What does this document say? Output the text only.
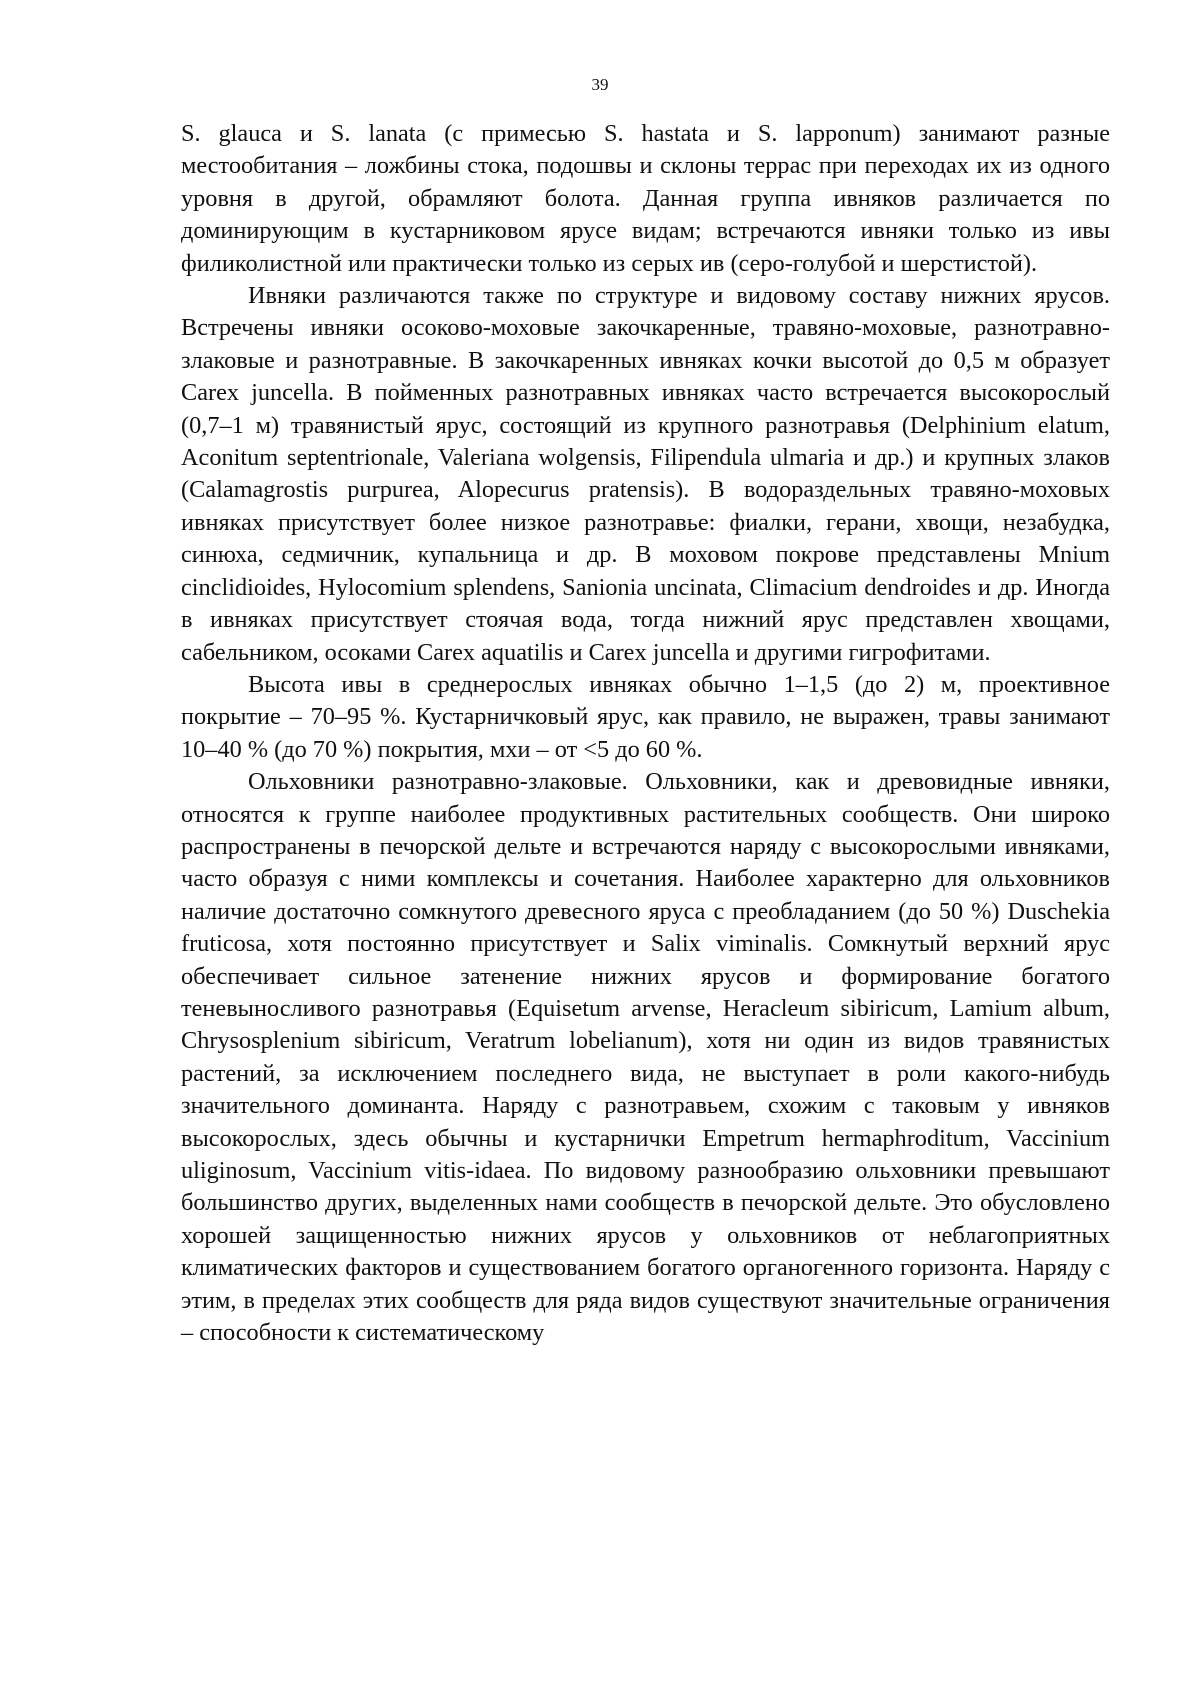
39

S. glauca и S. lanata (с примесью S. hastata и S. lapponum) занимают разные местообитания – ложбины стока, подошвы и склоны террас при переходах их из одного уровня в другой, обрамляют болота. Данная группа ивняков различается по доминирующим в кустарниковом ярусе видам; встречаются ивняки только из ивы филиколистной или практически только из серых ив (серо-голубой и шерстистой).

Ивняки различаются также по структуре и видовому составу нижних ярусов. Встречены ивняки осоково-моховые закочкаренные, травяно-моховые, разнотравно-злаковые и разнотравные. В закочкаренных ивняках кочки высотой до 0,5 м образует Carex juncella. В пойменных разнотравных ивняках часто встречается высокорослый (0,7–1 м) травянистый ярус, состоящий из крупного разнотравья (Delphinium elatum, Aconitum septentrionale, Valeriana wolgensis, Filipendula ulmaria и др.) и крупных злаков (Calamagrostis purpurea, Alopecurus pratensis). В водораздельных травяно-моховых ивняках присутствует более низкое разнотравье: фиалки, герани, хвощи, незабудка, синюха, седмичник, купальница и др. В моховом покрове представлены Mnium cinclidioides, Hylocomium splendens, Sanionia uncinata, Climacium dendroides и др. Иногда в ивняках присутствует стоячая вода, тогда нижний ярус представлен хвощами, сабельником, осоками Carex aquatilis и Carex juncella и другими гигрофитами.

Высота ивы в среднерослых ивняках обычно 1–1,5 (до 2) м, проективное покрытие – 70–95 %. Кустарничковый ярус, как правило, не выражен, травы занимают 10–40 % (до 70 %) покрытия, мхи – от <5 до 60 %.

Ольховники разнотравно-злаковые. Ольховники, как и древовидные ивняки, относятся к группе наиболее продуктивных растительных сообществ. Они широко распространены в печорской дельте и встречаются наряду с высокорослыми ивняками, часто образуя с ними комплексы и сочетания. Наиболее характерно для ольховников наличие достаточно сомкнутого древесного яруса с преобладанием (до 50 %) Duschekia fruticosa, хотя постоянно присутствует и Salix viminalis. Сомкнутый верхний ярус обеспечивает сильное затенение нижних ярусов и формирование богатого теневыносливого разнотравья (Equisetum arvense, Heracleum sibiricum, Lamium album, Chrysosplenium sibiricum, Veratrum lobelianum), хотя ни один из видов травянистых растений, за исключением последнего вида, не выступает в роли какого-нибудь значительного доминанта. Наряду с разнотравьем, схожим с таковым у ивняков высокорослых, здесь обычны и кустарнички Empetrum hermaphroditum, Vaccinium uliginosum, Vaccinium vitis-idaea. По видовому разнообразию ольховники превышают большинство других, выделенных нами сообществ в печорской дельте. Это обусловлено хорошей защищенностью нижних ярусов у ольховников от неблагоприятных климатических факторов и существованием богатого органогенного горизонта. Наряду с этим, в пределах этих сообществ для ряда видов существуют значительные ограничения – способности к систематическому
